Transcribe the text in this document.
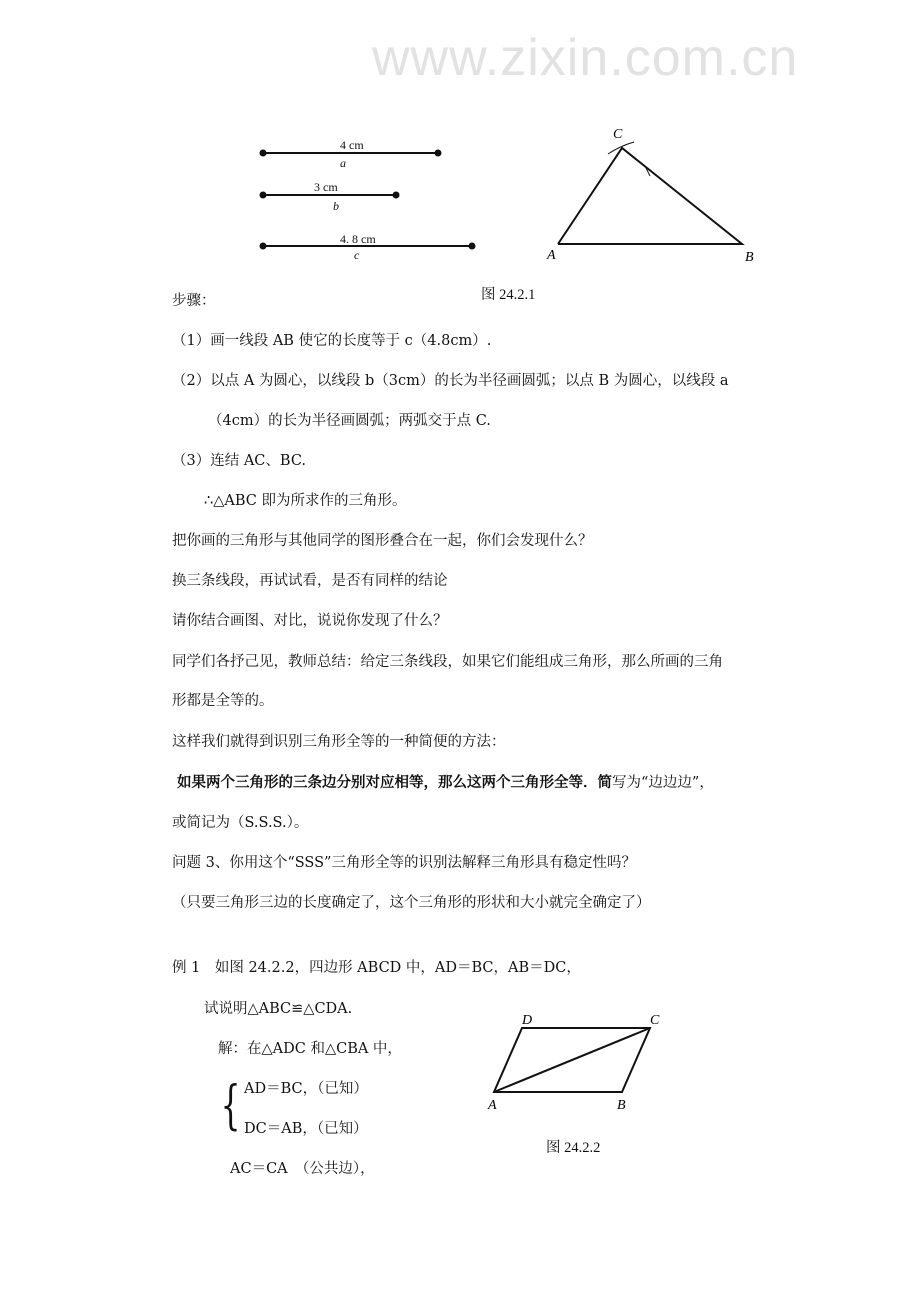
www.zixin.com.cn
4 cm
a
3 cm
b
4. 8 cm
c
C
A	B
D	C
A	B
图 24.2.1
图 24.2.2
步骤：
（1）画一线段 AB 使它的长度等于 c（4.8cm）.
（2）以点 A 为圆心，以线段 b（3cm）的长为半径画圆弧；以点 B 为圆心，以线段 a
（4cm）的长为半径画圆弧；两弧交于点 C.
（3）连结 AC、BC.
∴△ABC 即为所求作的三角形。
把你画的三角形与其他同学的图形叠合在一起，你们会发现什么？
换三条线段，再试试看，是否有同样的结论
请你结合画图、对比，说说你发现了什么？
同学们各抒己见，教师总结：给定三条线段，如果它们能组成三角形，那么所画的三角
形都是全等的。
这样我们就得到识别三角形全等的一种简便的方法：
如果两个三角形的三条边分别对应相等，那么这两个三角形全等．简写为“边边边”，
或简记为（S.S.S.）。
问题 3、你用这个“SSS”三角形全等的识别法解释三角形具有稳定性吗？
（只要三角形三边的长度确定了，这个三角形的形状和大小就完全确定了）
例 1　如图 24.2.2，四边形 ABCD 中，AD＝BC，AB＝DC，
试说明△ABC≌△CDA.
解：在△ADC 和△CBA 中，
{ AD＝BC，（已知）
DC＝AB，（已知）
AC＝CA　（公共边），
